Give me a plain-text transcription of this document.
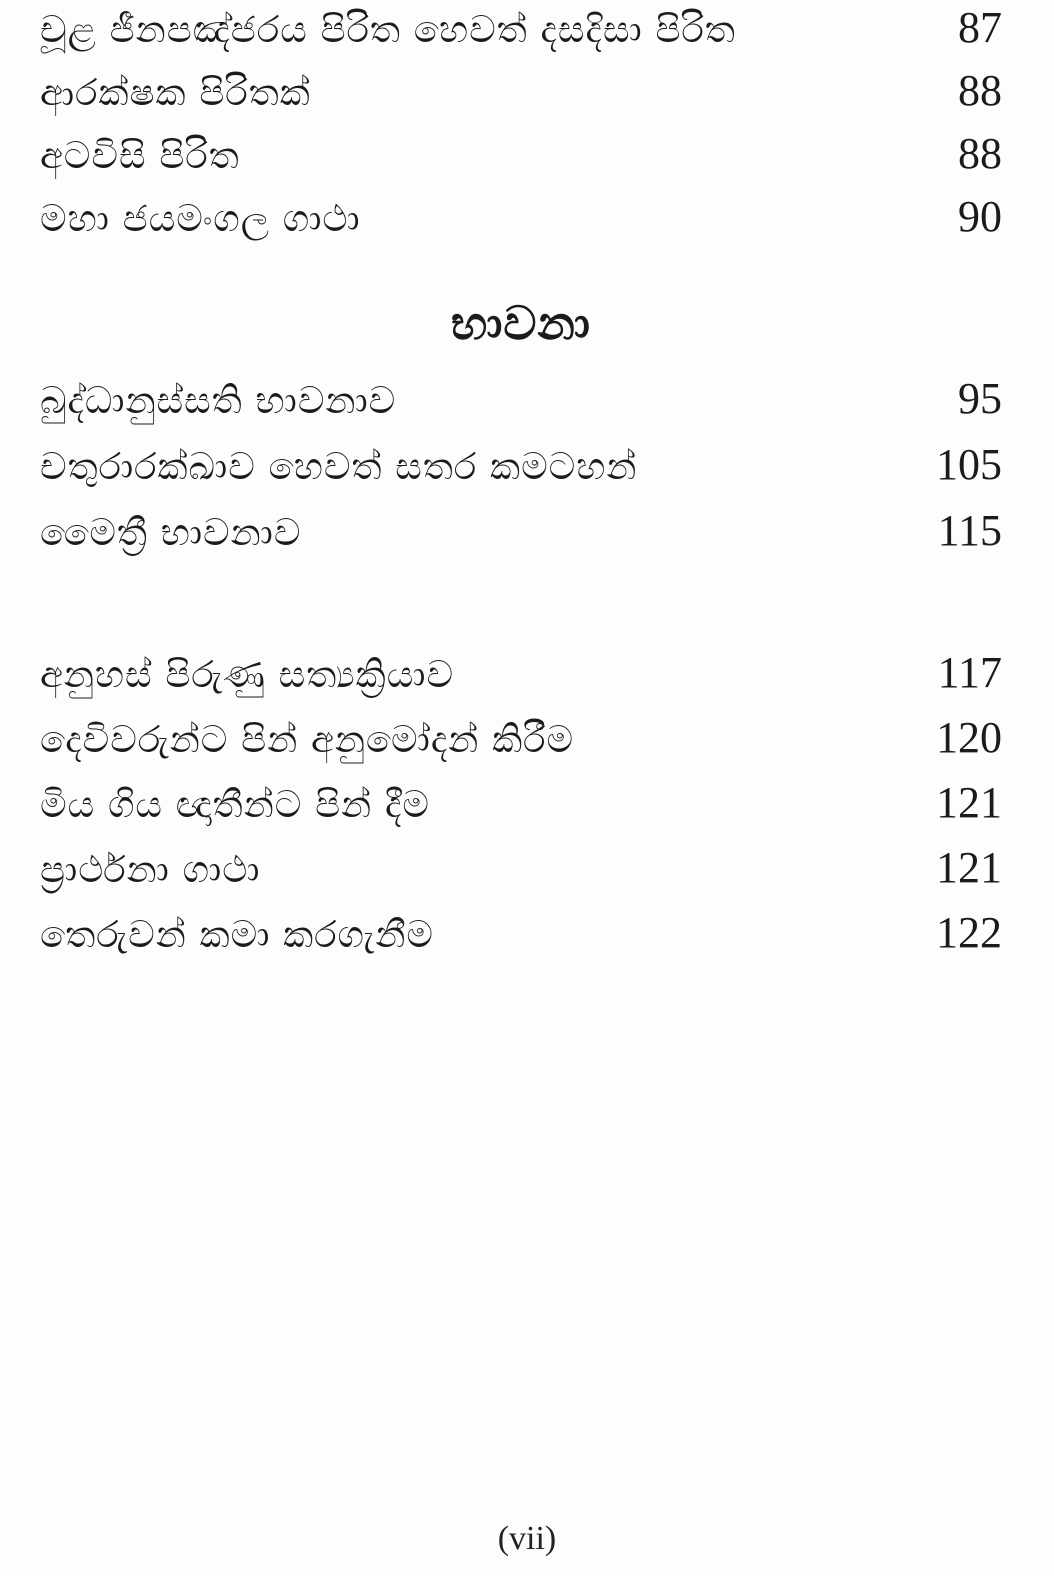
චූළ ජීනපඤ්ජරය පිරිත හෙවත් දසදිසා පිරිත	87
ආරක්ෂක පිරිතක්	88
අටවිසි පිරිත	88
මහා ජයමංගල ගාථා	90
භාවනා
බුද්ධානුස්සති භාවනාව	95
චතුරාරක්ඛාව හෙවත් සතර කමටහන්	105
මෛත්‍රී භාවනාව	115
අනුහස් පිරුණු සත්‍යක්‍රියාව	117
දෙවිවරුන්ට පින් අනුමෝදන් කිරීම	120
මිය ගිය ඥාතීන්ට පින් දීම	121
ප්‍රාර්ථනා ගාථා	121
තෙරුවන් කමා කරගැනීම	122
(vii)
